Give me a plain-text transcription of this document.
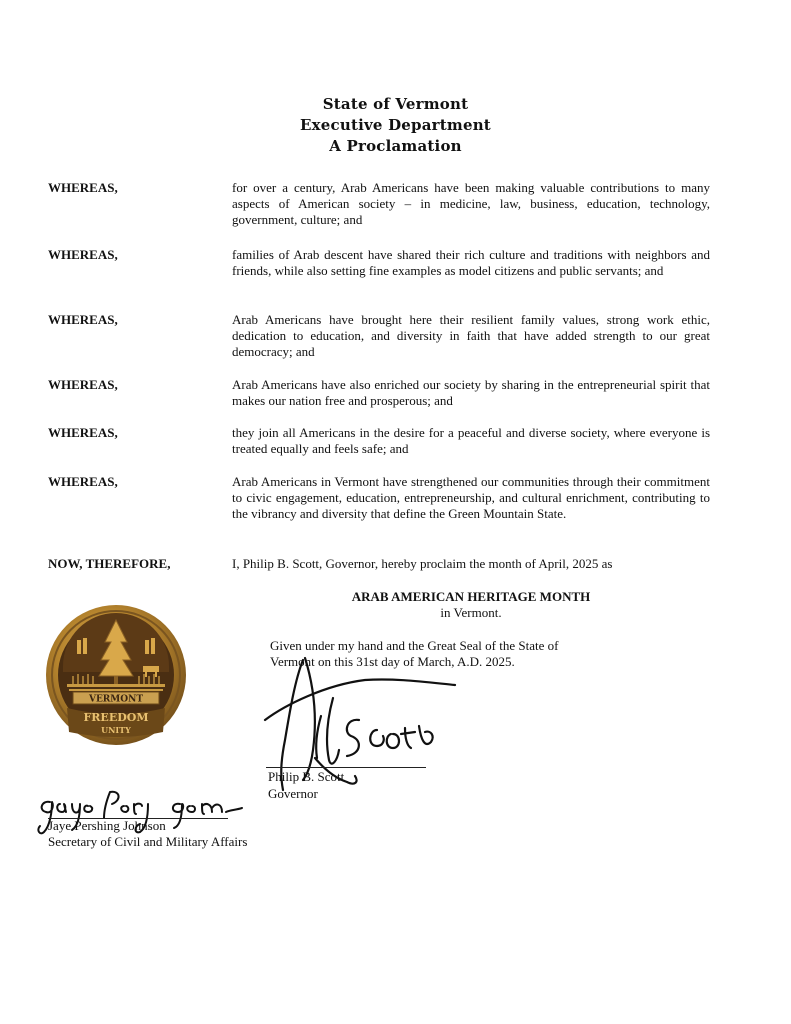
State of Vermont
Executive Department
A Proclamation
WHEREAS,	for over a century, Arab Americans have been making valuable contributions to many aspects of American society – in medicine, law, business, education, technology, government, culture; and
WHEREAS,	families of Arab descent have shared their rich culture and traditions with neighbors and friends, while also setting fine examples as model citizens and public servants; and
WHEREAS,	Arab Americans have brought here their resilient family values, strong work ethic, dedication to education, and diversity in faith that have added strength to our great democracy; and
WHEREAS,	Arab Americans have also enriched our society by sharing in the entrepreneurial spirit that makes our nation free and prosperous; and
WHEREAS,	they join all Americans in the desire for a peaceful and diverse society, where everyone is treated equally and feels safe; and
WHEREAS,	Arab Americans in Vermont have strengthened our communities through their commitment to civic engagement, education, entrepreneurship, and cultural enrichment, contributing to the vibrancy and diversity that define the Green Mountain State.
NOW, THEREFORE,	I, Philip B. Scott, Governor, hereby proclaim the month of April, 2025 as
ARAB AMERICAN HERITAGE MONTH
in Vermont.
Given under my hand and the Great Seal of the State of
Vermont on this 31st day of March, A.D. 2025.
VERMONT
FREEDOM
UNITY
Philip B. Scott
Governor
Jaye Pershing Johnson
Secretary of Civil and Military Affairs
